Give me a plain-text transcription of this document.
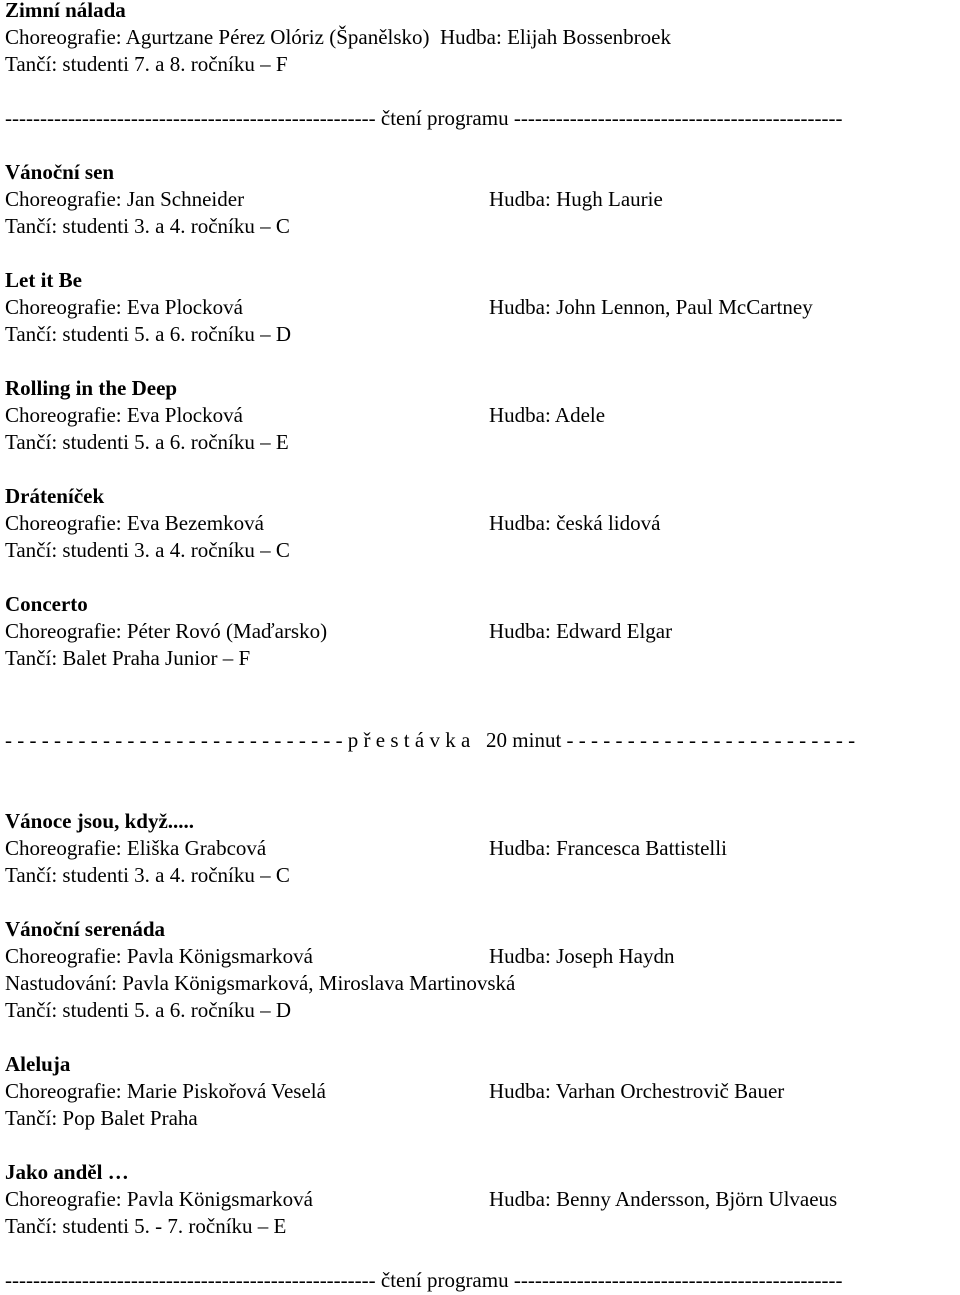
Zimní nálada
Choreografie: Agurtzane Pérez Olóriz (Španělsko)  Hudba: Elijah Bossenbroek
Tančí: studenti 7. a 8. ročníku – F
----------------------------------------------------- čtení programu -----------------------------------------------
Vánoční sen
Choreografie: Jan Schneider	Hudba: Hugh Laurie
Tančí: studenti 3. a 4. ročníku – C
Let it Be
Choreografie: Eva Plocková	Hudba: John Lennon, Paul McCartney
Tančí: studenti 5. a 6. ročníku – D
Rolling in the Deep
Choreografie: Eva Plocková	Hudba: Adele
Tančí: studenti 5. a 6. ročníku – E
Dráteníček
Choreografie: Eva Bezemková	Hudba: česká lidová
Tančí: studenti 3. a 4. ročníku – C
Concerto
Choreografie: Péter Rovó (Maďarsko)	Hudba: Edward Elgar
Tančí: Balet Praha Junior – F
- - - - - - - - - - - - - - - - - - - - - - - - - - - - p ř e s t á v k a   20 minut - - - - - - - - - - - - - - - - - - - - - - - -
Vánoce jsou, když.....
Choreografie: Eliška Grabcová	Hudba: Francesca Battistelli
Tančí: studenti 3. a 4. ročníku – C
Vánoční serenáda
Choreografie: Pavla Königsmarková	Hudba: Joseph Haydn
Nastudování: Pavla Königsmarková, Miroslava Martinovská
Tančí: studenti 5. a 6. ročníku – D
Aleluja
Choreografie: Marie Piskořová Veselá	Hudba: Varhan Orchestrovič Bauer
Tančí: Pop Balet Praha
Jako anděl …
Choreografie: Pavla Königsmarková	Hudba: Benny Andersson, Björn Ulvaeus
Tančí: studenti 5. - 7. ročníku – E
----------------------------------------------------- čtení programu -----------------------------------------------
